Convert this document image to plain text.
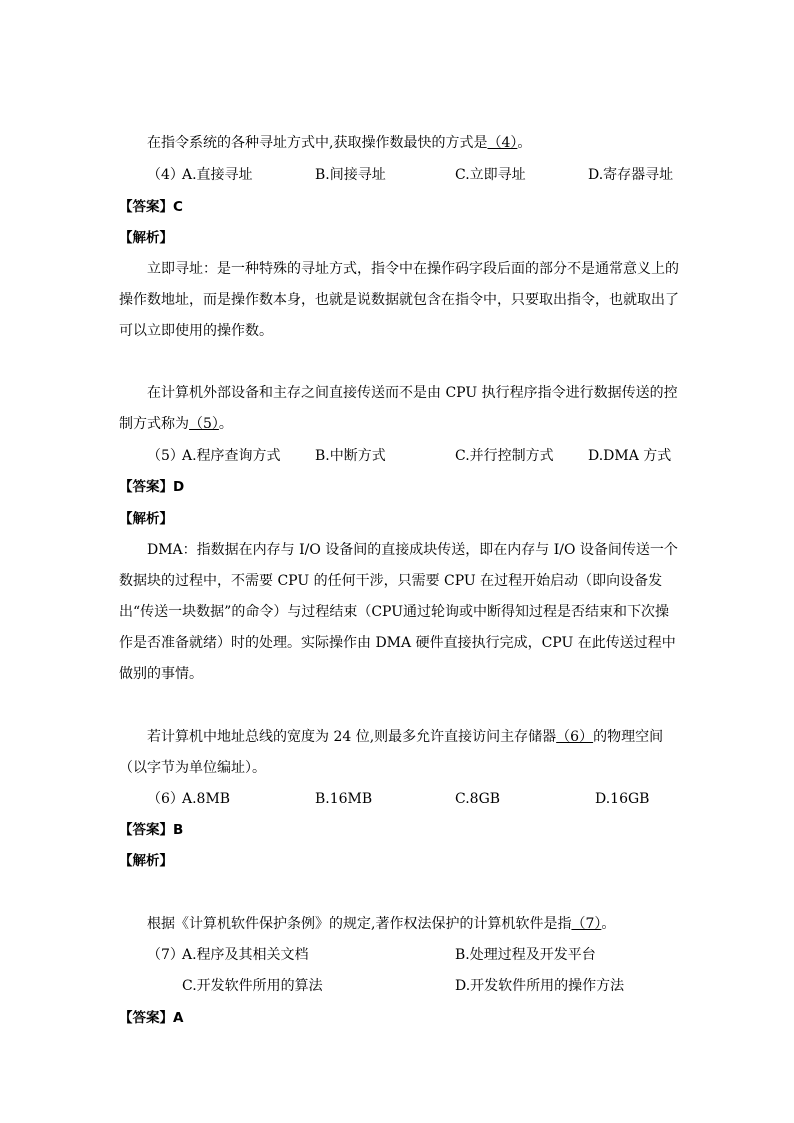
在指令系统的各种寻址方式中,获取操作数最快的方式是（4）。
（4）
A.直接寻址	B.间接寻址	C.立即寻址	D.寄存器寻址
【答案】C
【解析】
立即寻址：是一种特殊的寻址方式，指令中在操作码字段后面的部分不是通常意义上的操作数地址，而是操作数本身，也就是说数据就包含在指令中，只要取出指令，也就取出了可以立即使用的操作数。
在计算机外部设备和主存之间直接传送而不是由 CPU 执行程序指令进行数据传送的控制方式称为（5）。
（5）
A.程序查询方式 B.中断方式	C.并行控制方式 D.DMA 方式
【答案】D
【解析】
DMA：指数据在内存与 I/O 设备间的直接成块传送，即在内存与 I/O 设备间传送一个数据块的过程中，不需要 CPU 的任何干涉，只需要 CPU 在过程开始启动（即向设备发出“传送一块数据”的命令）与过程结束（CPU通过轮询或中断得知过程是否结束和下次操作是否准备就绪）时的处理。实际操作由 DMA 硬件直接执行完成，CPU 在此传送过程中做别的事情。
若计算机中地址总线的宽度为 24 位,则最多允许直接访问主存储器（6）的物理空间（以字节为单位编址）。
（6）
A.8MB	B.16MB	C.8GB	D.16GB
【答案】B
【解析】
根据《计算机软件保护条例》的规定,著作权法保护的计算机软件是指（7）。
（7）
A.程序及其相关文档	B.处理过程及开发平台
C.开发软件所用的算法	D.开发软件所用的操作方法
【答案】A
